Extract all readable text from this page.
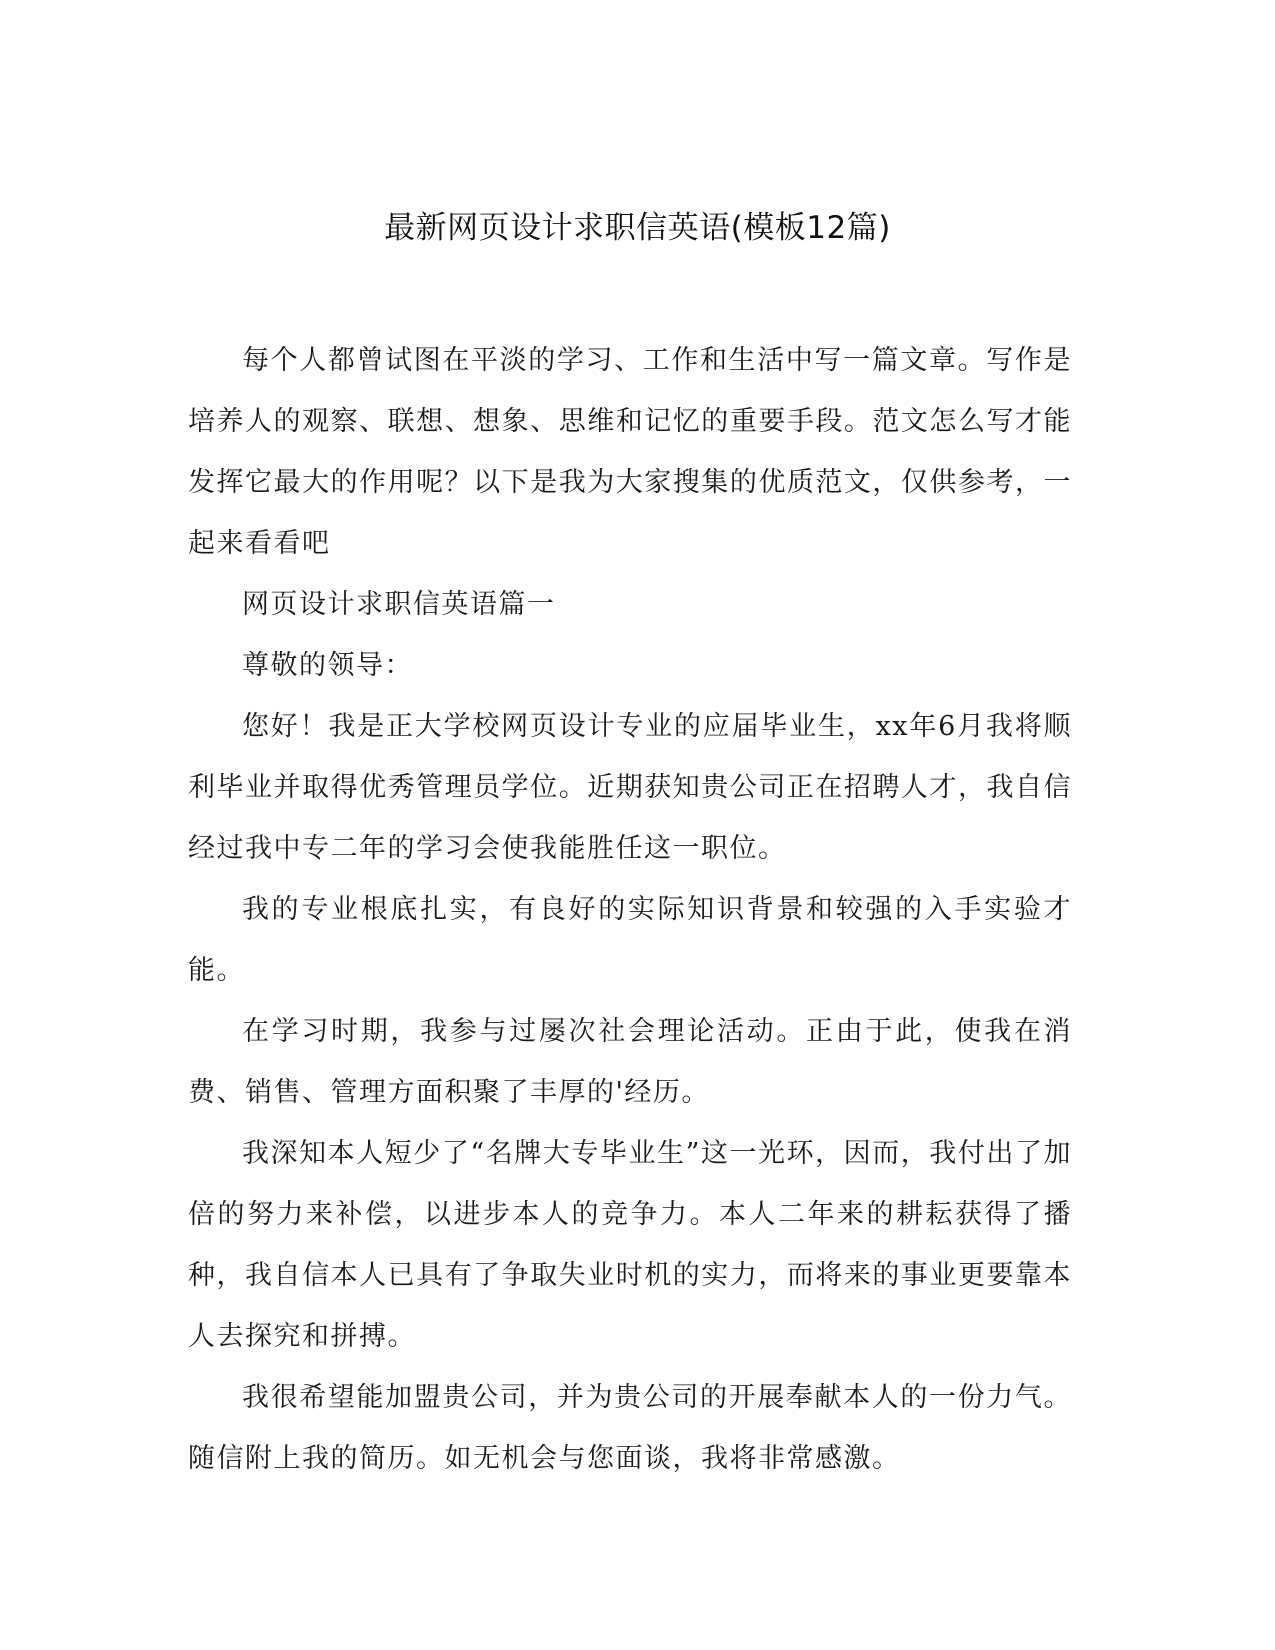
最新网页设计求职信英语(模板12篇)

每个人都曾试图在平淡的学习、工作和生活中写一篇文章。写作是培养人的观察、联想、想象、思维和记忆的重要手段。范文怎么写才能发挥它最大的作用呢？以下是我为大家搜集的优质范文，仅供参考，一起来看看吧

网页设计求职信英语篇一

尊敬的领导：

您好！我是正大学校网页设计专业的应届毕业生，xx年6月我将顺利毕业并取得优秀管理员学位。近期获知贵公司正在招聘人才，我自信经过我中专二年的学习会使我能胜任这一职位。

我的专业根底扎实，有良好的实际知识背景和较强的入手实验才能。

在学习时期，我参与过屡次社会理论活动。正由于此，使我在消费、销售、管理方面积聚了丰厚的'经历。

我深知本人短少了“名牌大专毕业生”这一光环，因而，我付出了加倍的努力来补偿，以进步本人的竞争力。本人二年来的耕耘获得了播种，我自信本人已具有了争取失业时机的实力，而将来的事业更要靠本人去探究和拼搏。

我很希望能加盟贵公司，并为贵公司的开展奉献本人的一份力气。随信附上我的简历。如无机会与您面谈，我将非常感激。
